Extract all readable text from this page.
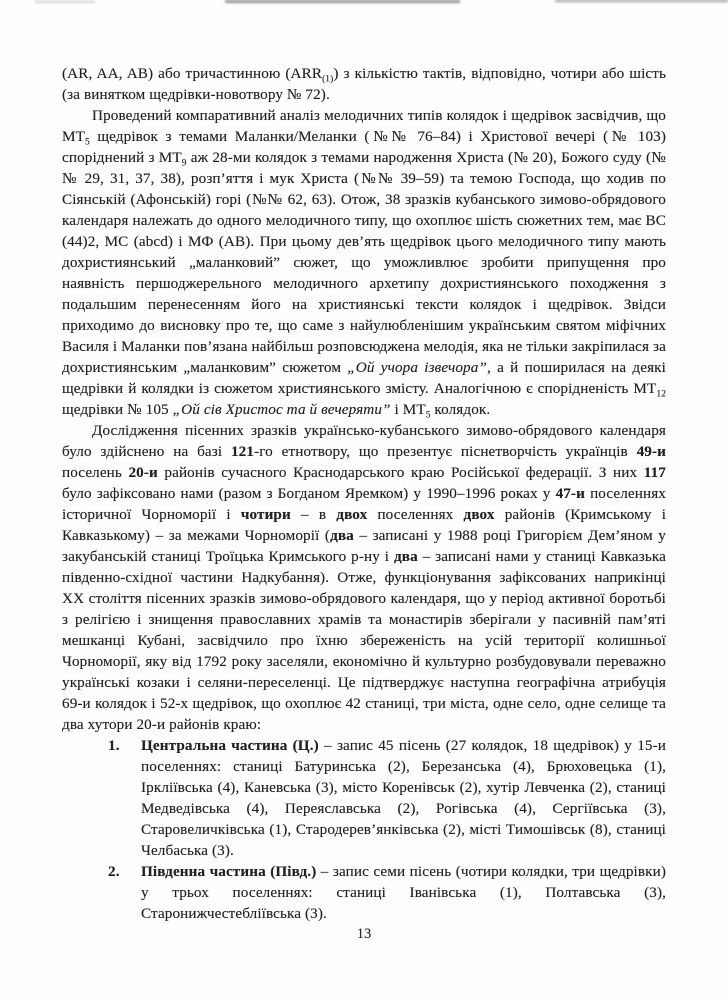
(AR, AA, AB) або тричастинною $(ARR_{(1)})$ з кількістю тактів, відповідно, чотири або шість (за винятком щедрівки-новотвору № 72).

Проведений компаративний аналіз мелодичних типів колядок і щедрівок засвідчив, що $МТ_5$ щедрівок з темами Маланки/Меланки (№№ 76–84) і Христової вечері (№ 103) споріднений з $МТ_9$ аж 28-ми колядок з темами народження Христа (№ 20), Божого суду (№№ 29, 31, 37, 38), розп’яття і мук Христа (№№ 39–59) та темою Господа, що ходив по Сіянській (Афонській) горі (№№ 62, 63). Отож, 38 зразків кубанського зимово-обрядового календаря належать до одного мелодичного типу, що охоплює шість сюжетних тем, має ВС (44)2, МС (abcd) і МФ (АВ). При цьому дев’ять щедрівок цього мелодичного типу мають дохристиянський „маланковий” сюжет, що уможливлює зробити припущення про наявність першоджерельного мелодичного архетипу дохристиянського походження з подальшим перенесенням його на християнські тексти колядок і щедрівок. Звідси приходимо до висновку про те, що саме з найулюбленішим українським святом міфічних Василя і Маланки пов’язана найбільш розповсюджена мелодія, яка не тільки закріпилася за дохристиянським „маланковим” сюжетом „Ой учора ізвечора”, а й поширилася на деякі щедрівки й колядки із сюжетом християнського змісту. Аналогічною є спорідненість $МТ_{12}$ щедрівки № 105 „Ой сів Христос та й вечеряти” і $МТ_5$ колядок.

Дослідження пісенних зразків українсько-кубанського зимово-обрядового календаря було здійснено на базі 121-го етнотвору, що презентує піснетворчість українців 49-и поселень 20-и районів сучасного Краснодарського краю Російської федерації. З них 117 було зафіксовано нами (разом з Богданом Яремком) у 1990–1996 роках у 47-и поселеннях історичної Чорноморії і чотири – в двох поселеннях двох районів (Кримському і Кавказькому) – за межами Чорноморії (два – записані у 1988 році Григорієм Дем’яном у закубанській станиці Троїцька Кримського р-ну і два – записані нами у станиці Кавказька південно-східної частини Надкубання). Отже, функціонування зафіксованих наприкінці ХХ століття пісенних зразків зимово-обрядового календаря, що у період активної боротьбі з релігією і знищення православних храмів та монастирів зберігали у пасивній пам’яті мешканці Кубані, засвідчило про їхню збереженість на усій території колишньої Чорноморії, яку від 1792 року заселяли, економічно й культурно розбудовували переважно українські козаки і селяни-переселенці. Це підтверджує наступна географічна атрибуція 69-и колядок і 52-х щедрівок, що охоплює 42 станиці, три міста, одне село, одне селище та два хутори 20-и районів краю:

1.	Центральна частина (Ц.) – запис 45 пісень (27 колядок, 18 щедрівок) у 15-и поселеннях: станиці Батуринська (2), Березанська (4), Брюховецька (1), Іркліївська (4), Каневська (3), місто Коренівськ (2), хутір Левченка (2), станиці Медведівська (4), Переяславська (2), Рогівська (4), Сергіївська (3), Старовеличківська (1), Стародерев’янківська (2), місті Тимошівськ (8), станиці Челбаська (3).
2.	Південна частина (Півд.) – запис семи пісень (чотири колядки, три щедрівки) у трьох поселеннях: станиці Іванівська (1), Полтавська (3), Старонижчестебліївська (3).
13
